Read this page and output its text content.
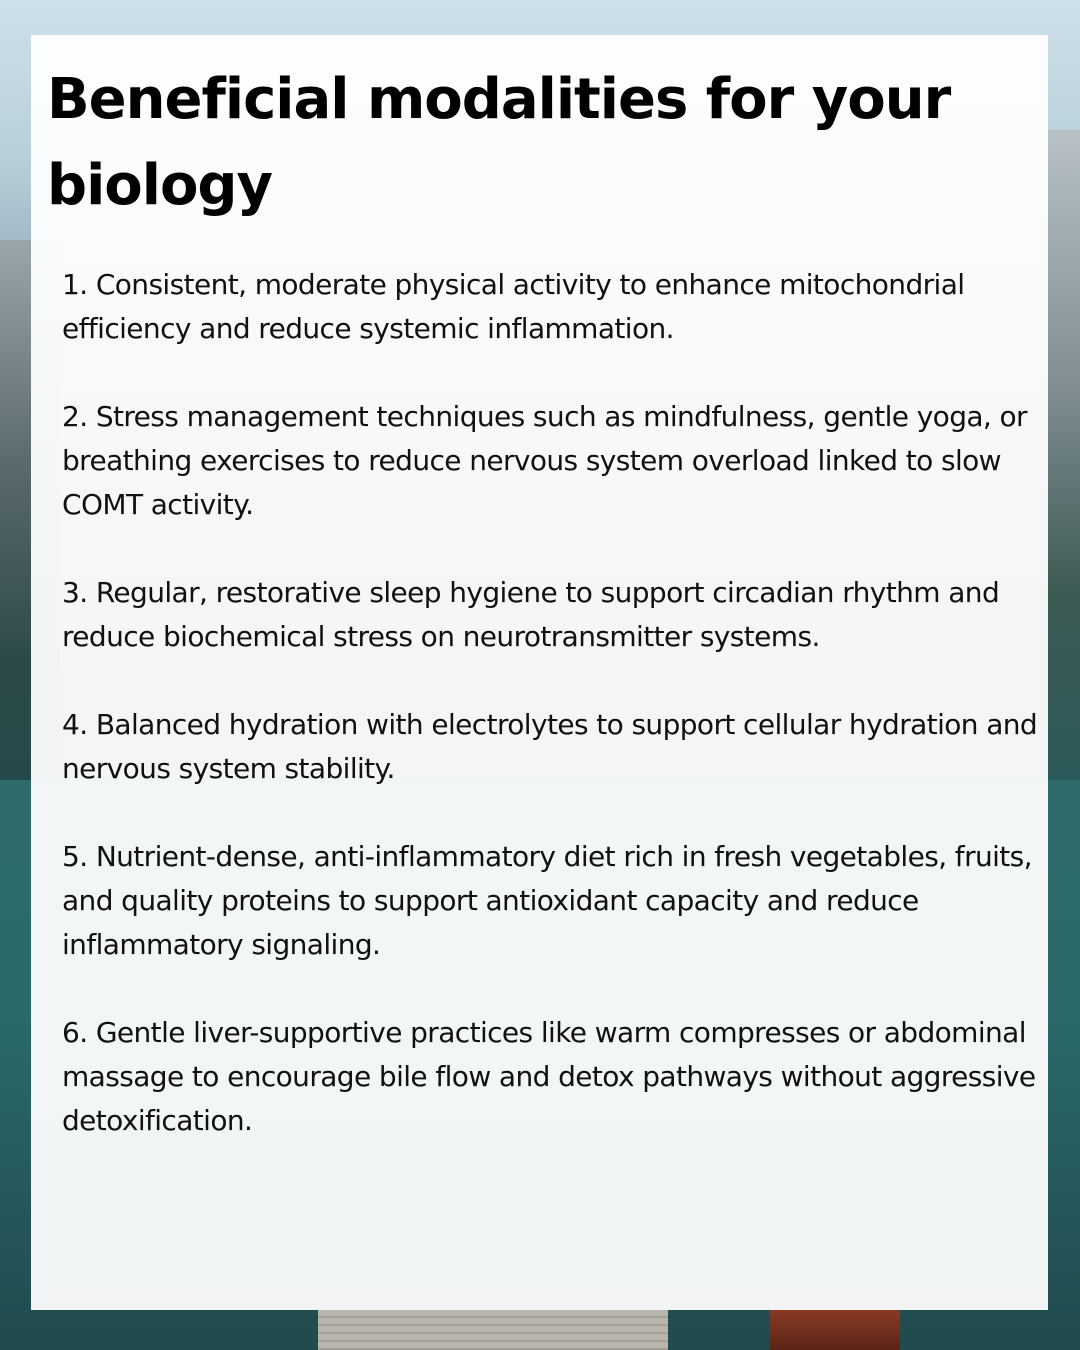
Beneficial modalities for your biology
1. Consistent, moderate physical activity to enhance mitochondrial efficiency and reduce systemic inflammation.
2. Stress management techniques such as mindfulness, gentle yoga, or breathing exercises to reduce nervous system overload linked to slow COMT activity.
3. Regular, restorative sleep hygiene to support circadian rhythm and reduce biochemical stress on neurotransmitter systems.
4. Balanced hydration with electrolytes to support cellular hydration and nervous system stability.
5. Nutrient-dense, anti-inflammatory diet rich in fresh vegetables, fruits, and quality proteins to support antioxidant capacity and reduce inflammatory signaling.
6. Gentle liver-supportive practices like warm compresses or abdominal massage to encourage bile flow and detox pathways without aggressive detoxification.
